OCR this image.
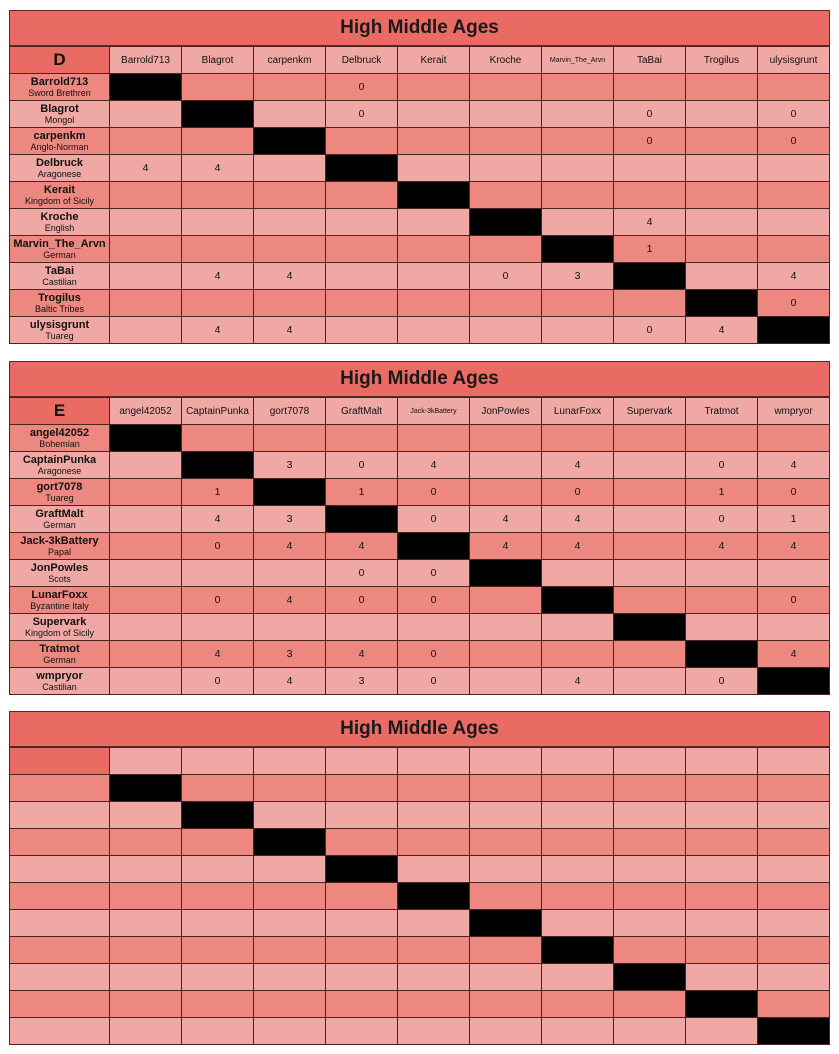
High Middle Ages
D	Barrold713	Blagrot	carpenkm	Delbruck	Kerait	Kroche	Marvin_The_Arvn	TaBai	Trogilus	ulysisgrunt

Barrold713
Sword Brethren				0						

Blagrot
Mongol				0				0		0

carpenkm
Anglo-Norman								0		0

Delbruck
Aragonese	4	4								

Kerait
Kingdom of Sicily										

Kroche
English								4		

Marvin_The_Arvn
German								1		

TaBai
Castilian		4	4			0	3			4

Trogilus
Baltic Tribes										0

ulysisgrunt
Tuareg		4	4					0	4	
High Middle Ages
E	angel42052	CaptainPunka	gort7078	GraftMalt	Jack-3kBattery	JonPowles	LunarFoxx	Supervark	Tratmot	wmpryor

angel42052
Bohemian										

CaptainPunka
Aragonese			3	0	4		4		0	4

gort7078
Tuareg		1		1	0		0		1	0

GraftMalt
German		4	3		0	4	4		0	1

Jack-3kBattery
Papal		0	4	4		4	4		4	4

JonPowles
Scots				0	0					

LunarFoxx
Byzantine Italy		0	4	0	0					0

Supervark
Kingdom of Sicily										

Tratmot
German		4	3	4	0					4

wmpryor
Castilian		0	4	3	0		4		0	
High Middle Ages
